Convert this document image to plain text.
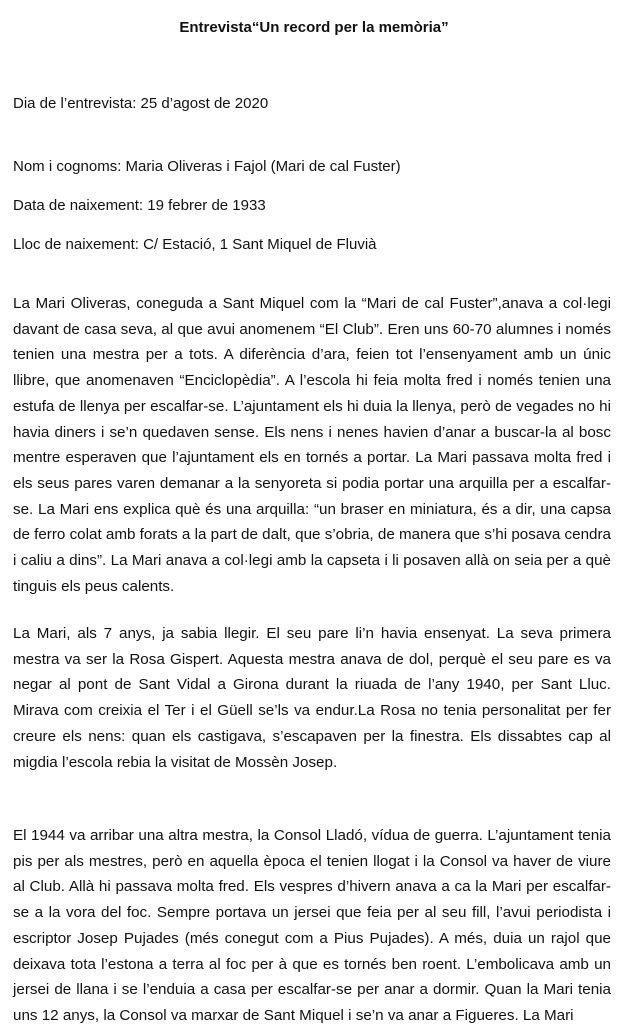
Entrevista“Un record per la memòria”
Dia de l’entrevista: 25 d’agost de 2020
Nom i cognoms: Maria Oliveras i Fajol (Mari de cal Fuster)
Data de naixement: 19 febrer de 1933
Lloc de naixement: C/ Estació, 1 Sant Miquel de Fluvià

La Mari Oliveras, coneguda a Sant Miquel com la “Mari de cal Fuster”,anava a col·legi davant de casa seva, al que avui anomenem “El Club”. Eren uns 60-70 alumnes i només tenien una mestra per a tots. A diferència d’ara, feien tot l’ensenyament amb un únic llibre, que anomenaven “Enciclopèdia”. A l’escola hi feia molta fred i només tenien una estufa de llenya per escalfar-se. L’ajuntament els hi duia la llenya, però de vegades no hi havia diners i se’n quedaven sense. Els nens i nenes havien d’anar a buscar-la al bosc mentre esperaven que l’ajuntament els en tornés a portar. La Mari passava molta fred i els seus pares varen demanar a la senyoreta si podia portar una arquilla per a escalfar-se. La Mari ens explica què és una arquilla: “un braser en miniatura, és a dir, una capsa de ferro colat amb forats a la part de dalt, que s’obria, de manera que s’hi posava cendra i caliu a dins”. La Mari anava a col·legi amb la capseta i li posaven allà on seia per a què tinguis els peus calents.

La Mari, als 7 anys, ja sabia llegir. El seu pare li’n havia ensenyat. La seva primera mestra va ser la Rosa Gispert. Aquesta mestra anava de dol, perquè el seu pare es va negar al pont de Sant Vidal a Girona durant la riuada de l’any 1940, per Sant Lluc. Mirava com creixia el Ter i el Güell se’ls va endur.La Rosa no tenia personalitat per fer creure els nens: quan els castigava, s’escapaven per la finestra. Els dissabtes cap al migdia l’escola rebia la visitat de Mossèn Josep.

El 1944 va arribar una altra mestra, la Consol Lladó, vídua de guerra. L’ajuntament tenia pis per als mestres, però en aquella època el tenien llogat i la Consol va haver de viure al Club. Allà hi passava molta fred. Els vespres d’hivern anava a ca la Mari per escalfar-se a la vora del foc. Sempre portava un jersei que feia per al seu fill, l’avui periodista i escriptor Josep Pujades (més conegut com a Pius Pujades). A més, duia un rajol que deixava tota l’estona a terra al foc per à que es tornés ben roent. L’embolicava amb un jersei de llana i se l’enduia a casa per escalfar-se per anar a dormir. Quan la Mari tenia uns 12 anys, la Consol va marxar de Sant Miquel i se’n va anar a Figueres. La Mari
